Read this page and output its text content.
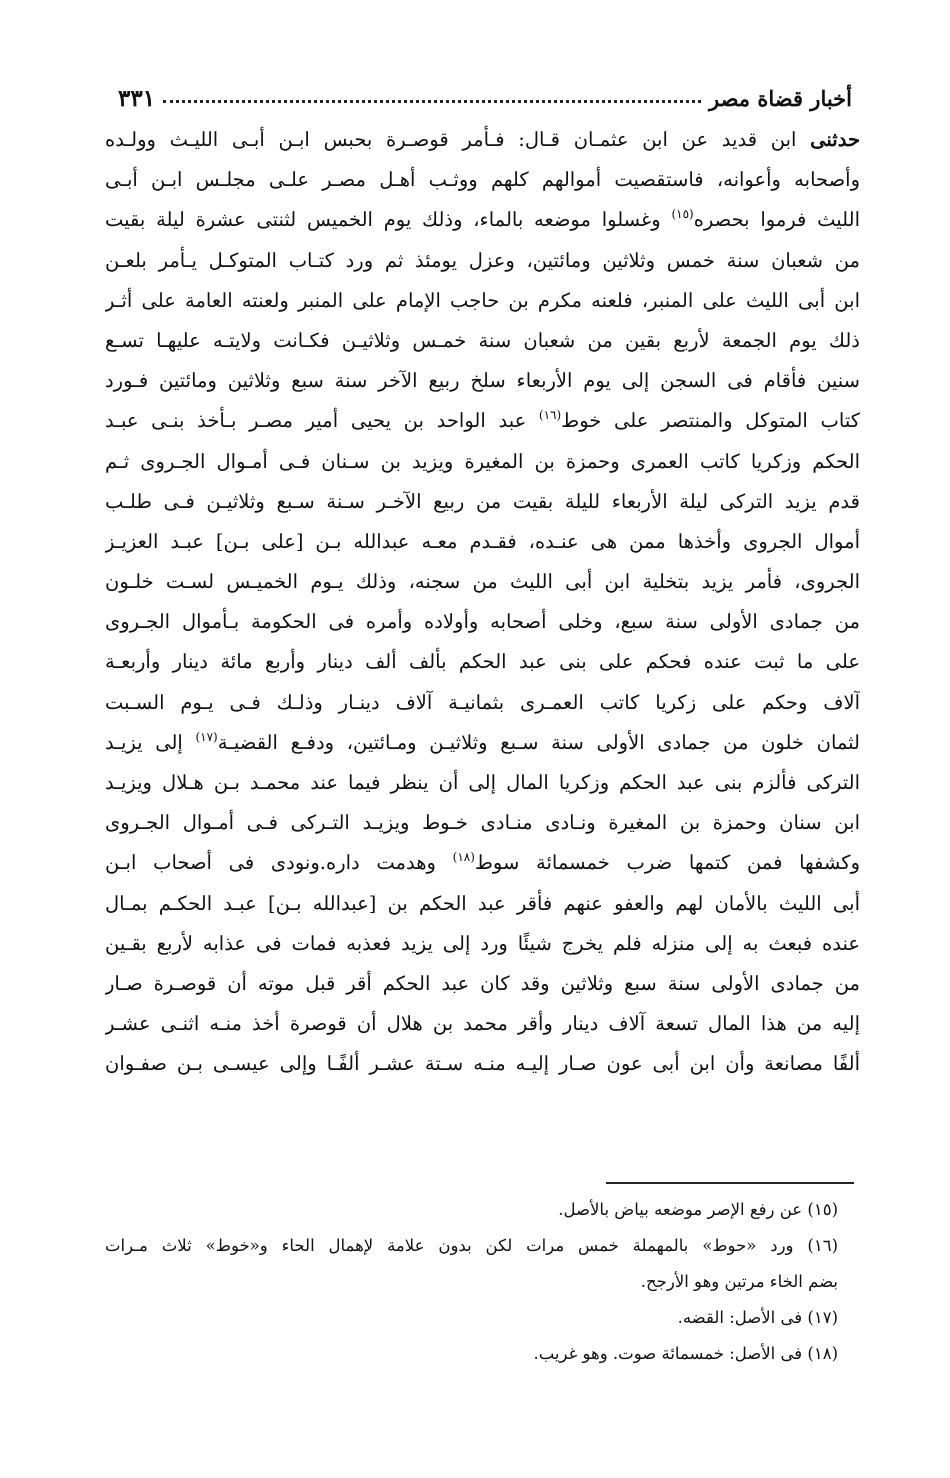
أخبار قضاة مصر
٣٣١
حدثنى ابن قديد عن ابن عثمـان قـال: فـأمر قوصـرة بحبس ابـن أبـى الليـث وولـده
وأصحابه وأعوانه، فاستقصيت أموالهم كلهم ووثـب أهـل مصـر علـى مجلـس ابـن أبـى
الليث فرموا بحصره$^{(١٥)}$ وغسلوا موضعه بالماء، وذلك يوم الخميس لثنتى عشرة ليلة بقيت
من شعبان سنة خمس وثلاثين ومائتين، وعزل يومئذ ثم ورد كتـاب المتوكـل يـأمر بلعـن
ابن أبى الليث على المنبر، فلعنه مكرم بن حاجب الإمام على المنبر ولعنته العامة على أثـر
ذلك يوم الجمعة لأربع بقين من شعبان سنة خمـس وثلاثيـن فكـانت ولايتـه عليهـا تسـع
سنين فأقام فى السجن إلى يوم الأربعاء سلخ ربيع الآخر سنة سبع وثلاثين ومائتين فـورد
كتاب المتوكل والمنتصر على خوط$^{(١٦)}$ عبد الواحد بن يحيى أمير مصـر بـأخذ بنـى عبـد
الحكم وزكريا كاتب العمرى وحمزة بن المغيرة ويزيد بن سـنان فـى أمـوال الجـروى ثـم
قدم يزيد التركى ليلة الأربعاء لليلة بقيت من ربيع الآخـر سـنة سـبع وثلاثيـن فـى طلـب
أموال الجروى وأخذها ممن هى عنـده، فقـدم معـه عبدالله بـن [على بـن] عبـد العزيـز
الجروى، فأمر يزيد بتخلية ابن أبى الليث من سجنه، وذلك يـوم الخميـس لسـت خلـون
من جمادى الأولى سنة سبع، وخلى أصحابه وأولاده وأمره فى الحكومة بـأموال الجـروى
على ما ثبت عنده فحكم على بنى عبد الحكم بألف ألف دينار وأربع مائة دينار وأربعـة
آلاف وحكم على زكريا كاتب العمـرى بثمانيـة آلاف دينـار وذلـك فـى يـوم السـبت
لثمان خلون من جمادى الأولى سنة سـبع وثلاثيـن ومـائتين، ودفـع القضيـة$^{(١٧)}$ إلى يزيـد
التركى فألزم بنى عبد الحكم وزكريا المال إلى أن ينظر فيما عند محمـد بـن هـلال ويزيـد
ابن سنان وحمزة بن المغيرة ونـادى منـادى خـوط ويزيـد التـركى فـى أمـوال الجـروى
وكشفها فمن كتمها ضرب خمسمائة سوط$^{(١٨)}$ وهدمت داره.ونودى فى أصحاب ابـن
أبى الليث بالأمان لهم والعفو عنهم فأقر عبد الحكم بن [عبدالله بـن] عبـد الحكـم بمـال
عنده فبعث به إلى منزله فلم يخرج شيئًا ورد إلى يزيد فعذبه فمات فى عذابه لأربع بقـين
من جمادى الأولى سنة سبع وثلاثين وقد كان عبد الحكم أقر قبل موته أن قوصـرة صـار
إليه من هذا المال تسعة آلاف دينار وأقر محمد بن هلال أن قوصرة أخذ منـه اثنـى عشـر
ألفًا مصانعة وأن ابن أبى عون صـار إليـه منـه سـتة عشـر ألفًـا وإلى عيسـى بـن صفـوان
(١٥) عن رفع الإصر موضعه بياض بالأصل.
(١٦) ورد «حوط» بالمهملة خمس مرات لكن بدون علامة لإهمال الحاء و«خوط» ثلاث مـرات
بضم الخاء مرتين وهو الأرجح.
(١٧) فى الأصل: القضه.
(١٨) فى الأصل: خمسمائة صوت. وهو غريب.
